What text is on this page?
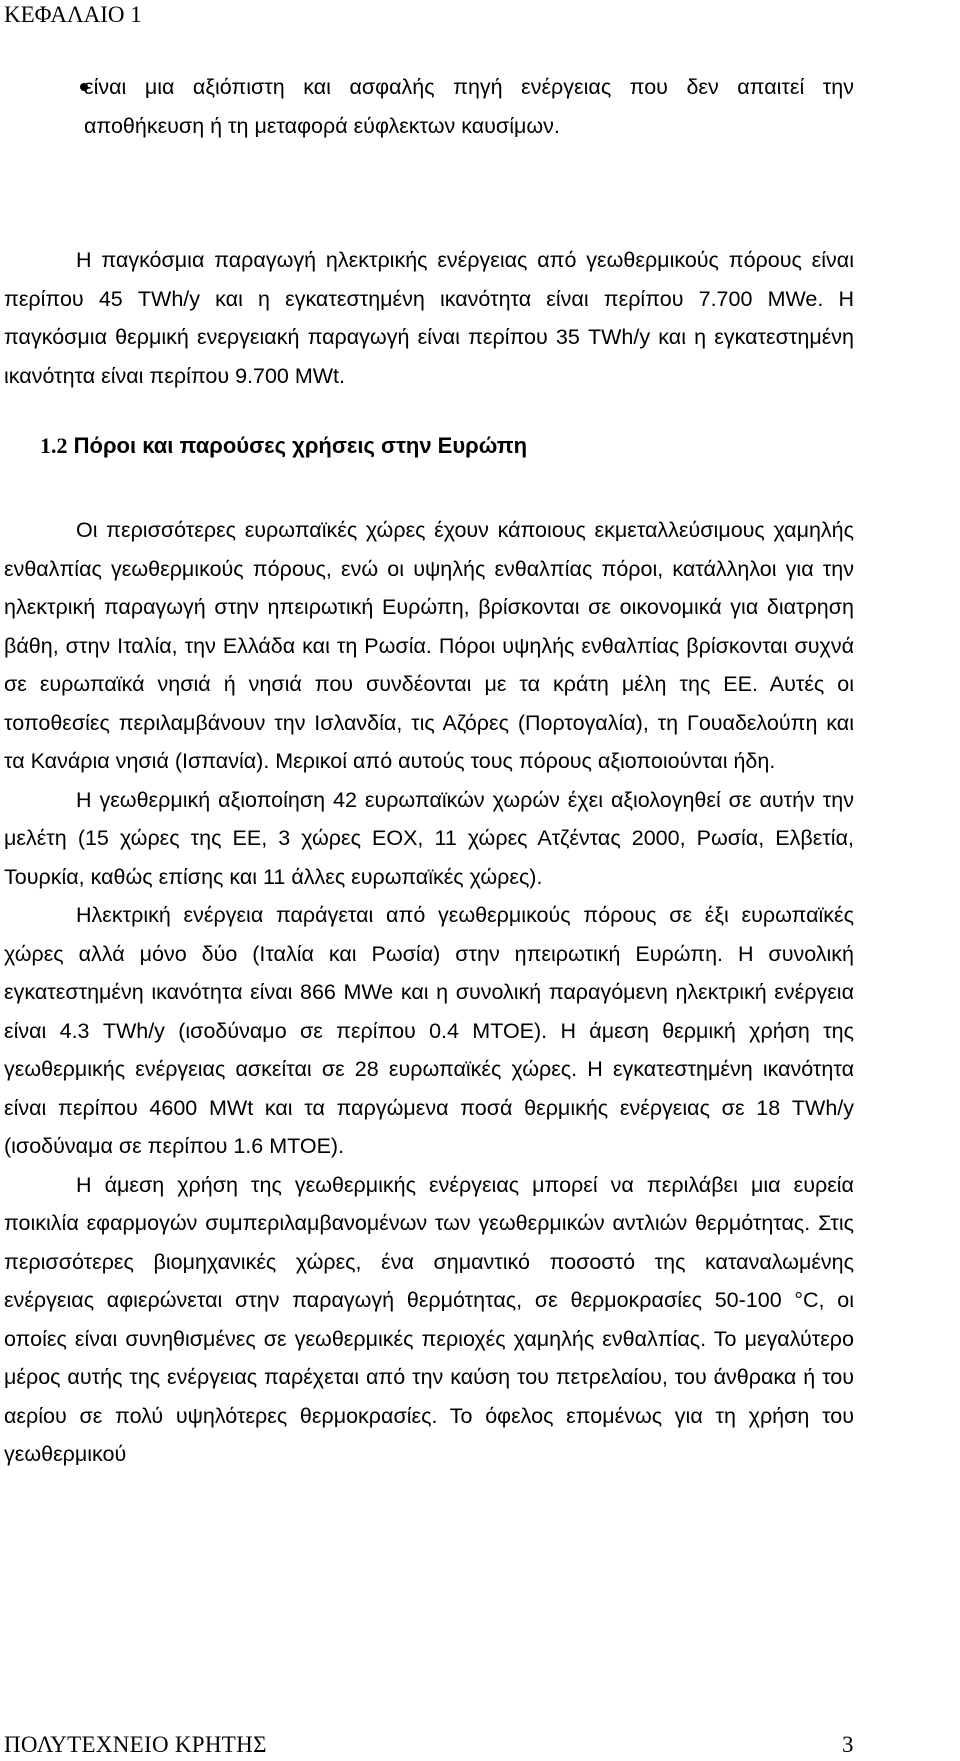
ΚΕΦΑΛΑΙΟ 1
είναι μια αξιόπιστη και ασφαλής πηγή ενέργειας που δεν απαιτεί την αποθήκευση ή τη μεταφορά εύφλεκτων καυσίμων.

Η παγκόσμια παραγωγή ηλεκτρικής ενέργειας από γεωθερμικούς πόρους είναι περίπου 45 TWh/y και η εγκατεστημένη ικανότητα είναι περίπου 7.700 MWe. Η παγκόσμια θερμική ενεργειακή παραγωγή είναι περίπου 35 TWh/y και η εγκατεστημένη ικανότητα είναι περίπου 9.700 MWt.

1.2 Πόροι και παρούσες χρήσεις στην Ευρώπη

Οι περισσότερες ευρωπαϊκές χώρες έχουν κάποιους εκμεταλλεύσιμους χαμηλής ενθαλπίας γεωθερμικούς πόρους, ενώ οι υψηλής ενθαλπίας πόροι, κατάλληλοι για την ηλεκτρική παραγωγή στην ηπειρωτική Ευρώπη, βρίσκονται σε οικονομικά για διατρηση βάθη, στην Ιταλία, την Ελλάδα και τη Ρωσία. Πόροι υψηλής ενθαλπίας βρίσκονται συχνά σε ευρωπαϊκά νησιά ή νησιά που συνδέονται με τα κράτη μέλη της ΕΕ. Αυτές οι τοποθεσίες περιλαμβάνουν την Ισλανδία, τις Αζόρες (Πορτογαλία), τη Γουαδελούπη και τα Κανάρια νησιά (Ισπανία). Μερικοί από αυτούς τους πόρους αξιοποιούνται ήδη.

Η γεωθερμική αξιοποίηση 42 ευρωπαϊκών χωρών έχει αξιολογηθεί σε αυτήν την μελέτη (15 χώρες της ΕΕ, 3 χώρες ΕΟΧ, 11 χώρες Ατζέντας 2000, Ρωσία, Ελβετία, Τουρκία, καθώς επίσης και 11 άλλες ευρωπαϊκές χώρες).

Ηλεκτρική ενέργεια παράγεται από γεωθερμικούς πόρους σε έξι ευρωπαϊκές χώρες αλλά μόνο δύο (Ιταλία και Ρωσία) στην ηπειρωτική Ευρώπη. Η συνολική εγκατεστημένη ικανότητα είναι 866 MWe και η συνολική παραγόμενη ηλεκτρική ενέργεια είναι 4.3 TWh/y (ισοδύναμο σε περίπου 0.4 MTOE). Η άμεση θερμική χρήση της γεωθερμικής ενέργειας ασκείται σε 28 ευρωπαϊκές χώρες. Η εγκατεστημένη ικανότητα είναι περίπου 4600 MWt και τα παργώμενα ποσά θερμικής ενέργειας σε 18 TWh/y (ισοδύναμα σε περίπου 1.6 MTOE).

Η άμεση χρήση της γεωθερμικής ενέργειας μπορεί να περιλάβει μια ευρεία ποικιλία εφαρμογών συμπεριλαμβανομένων των γεωθερμικών αντλιών θερμότητας. Στις περισσότερες βιομηχανικές χώρες, ένα σημαντικό ποσοστό της καταναλωμένης ενέργειας αφιερώνεται στην παραγωγή θερμότητας, σε θερμοκρασίες 50-100 °C, οι οποίες είναι συνηθισμένες σε γεωθερμικές περιοχές χαμηλής ενθαλπίας. Το μεγαλύτερο μέρος αυτής της ενέργειας παρέχεται από την καύση του πετρελαίου, του άνθρακα ή του αερίου σε πολύ υψηλότερες θερμοκρασίες. Το όφελος επομένως για τη χρήση του γεωθερμικού

ΠΟΛΥΤΕΧΝΕΙΟ ΚΡΗΤΗΣ	3
